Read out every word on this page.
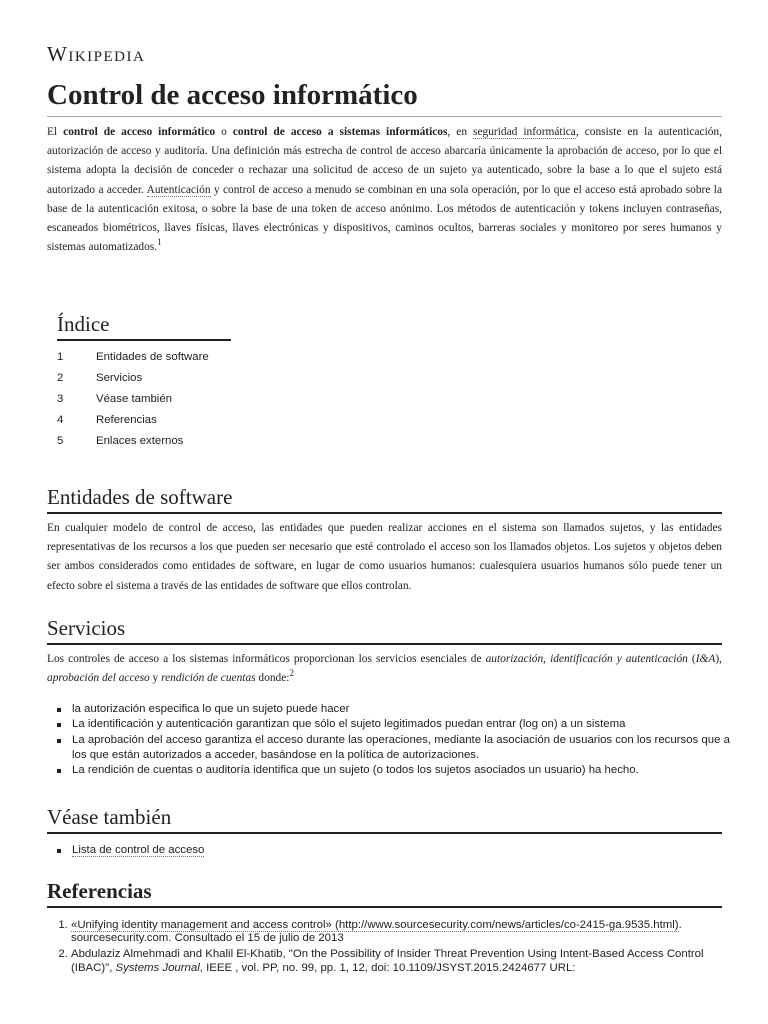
Wikipedia
Control de acceso informático

El control de acceso informático o control de acceso a sistemas informáticos, en seguridad informática, consiste en la autenticación, autorización de acceso y auditoría. Una definición más estrecha de control de acceso abarcaría únicamente la aprobación de acceso, por lo que el sistema adopta la decisión de conceder o rechazar una solicitud de acceso de un sujeto ya autenticado, sobre la base a lo que el sujeto está autorizado a acceder. Autenticación y control de acceso a menudo se combinan en una sola operación, por lo que el acceso está aprobado sobre la base de la autenticación exitosa, o sobre la base de una token de acceso anónimo. Los métodos de autenticación y tokens incluyen contraseñas, escaneados biométricos, llaves físicas, llaves electrónicas y dispositivos, caminos ocultos, barreras sociales y monitoreo por seres humanos y sistemas automatizados.$^1$

Índice
1	Entidades de software
2	Servicios
3	Véase también
4	Referencias
5	Enlaces externos
Entidades de software

En cualquier modelo de control de acceso, las entidades que pueden realizar acciones en el sistema son llamados sujetos, y las entidades representativas de los recursos a los que pueden ser necesario que esté controlado el acceso son los llamados objetos. Los sujetos y objetos deben ser ambos considerados como entidades de software, en lugar de como usuarios humanos: cualesquiera usuarios humanos sólo puede tener un efecto sobre el sistema a través de las entidades de software que ellos controlan.

Servicios

Los controles de acceso a los sistemas informáticos proporcionan los servicios esenciales de autorización, identificación y autenticación (I&A), aprobación del acceso y rendición de cuentas donde:$^2$

la autorización especifica lo que un sujeto puede hacer
La identificación y autenticación garantizan que sólo el sujeto legitimados puedan entrar (log on) a un sistema
La aprobación del acceso garantiza el acceso durante las operaciones, mediante la asociación de usuarios con los recursos que a los que están autorizados a acceder, basándose en la política de autorizaciones.
La rendición de cuentas o auditoría identifica que un sujeto (o todos los sujetos asociados un usuario) ha hecho.
Véase también
Lista de control de acceso
Referencias
1. «Unifying identity management and access control» (http://www.sourcesecurity.com/news/articles/co-2415-ga.9535.html). sourcesecurity.com. Consultado el 15 de julio de 2013
2. Abdulaziz Almehmadi and Khalil El-Khatib, "On the Possibility of Insider Threat Prevention Using Intent-Based Access Control (IBAC)", Systems Journal, IEEE , vol. PP, no. 99, pp. 1, 12, doi: 10.1109/JSYST.2015.2424677 URL:
